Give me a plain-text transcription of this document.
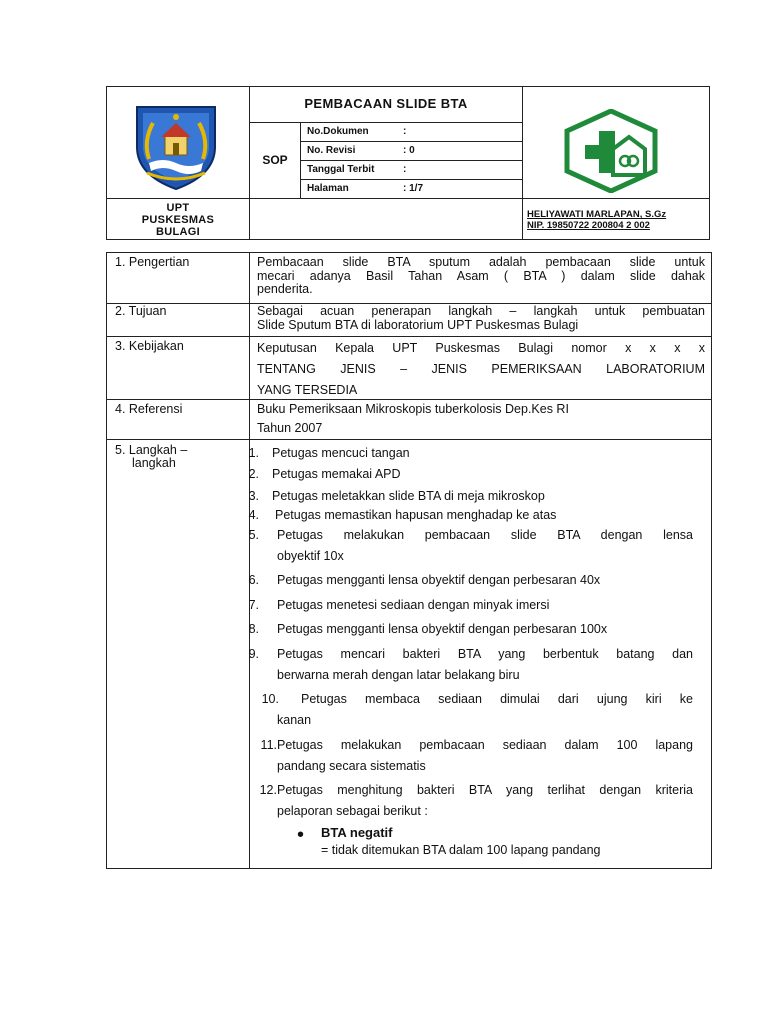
UPT
PUSKESMAS
BULAGI
PEMBACAAN SLIDE BTA
SOP
No.Dokumen	:
No. Revisi	: 0
Tanggal Terbit	:
Halaman	: 1/7
HELIYAWATI MARLAPAN, S.Gz
NIP. 19850722 200804 2 002
1. Pengertian	Pembacaan slide BTA sputum adalah pembacaan slide untuk
mecari adanya Basil Tahan Asam ( BTA ) dalam slide dahak
penderita.
2. Tujuan	Sebagai acuan penerapan langkah – langkah untuk pembuatan
Slide Sputum BTA di laboratorium UPT Puskesmas Bulagi
3. Kebijakan	Keputusan Kepala UPT Puskesmas Bulagi nomor x x x x
TENTANG JENIS – JENIS PEMERIKSAAN LABORATORIUM
YANG TERSEDIA
4. Referensi	Buku Pemeriksaan Mikroskopis tuberkolosis Dep.Kes RI
Tahun 2007
5. Langkah –
langkah
1. Petugas mencuci tangan
2. Petugas memakai APD
3. Petugas meletakkan slide BTA di meja mikroskop
4. Petugas memastikan hapusan menghadap ke atas
5. Petugas melakukan pembacaan slide BTA dengan lensa
obyektif 10x
6. Petugas mengganti lensa obyektif dengan perbesaran 40x
7. Petugas menetesi sediaan dengan minyak imersi
8. Petugas mengganti lensa obyektif dengan perbesaran 100x
9. Petugas mencari bakteri BTA yang berbentuk batang dan
berwarna merah dengan latar belakang biru
10.	Petugas membaca sediaan dimulai dari ujung kiri ke
kanan
11. Petugas melakukan pembacaan sediaan dalam 100 lapang
pandang secara sistematis
12. Petugas menghitung bakteri BTA yang terlihat dengan kriteria
pelaporan sebagai berikut :
• BTA negatif
= tidak ditemukan BTA dalam 100 lapang pandang
